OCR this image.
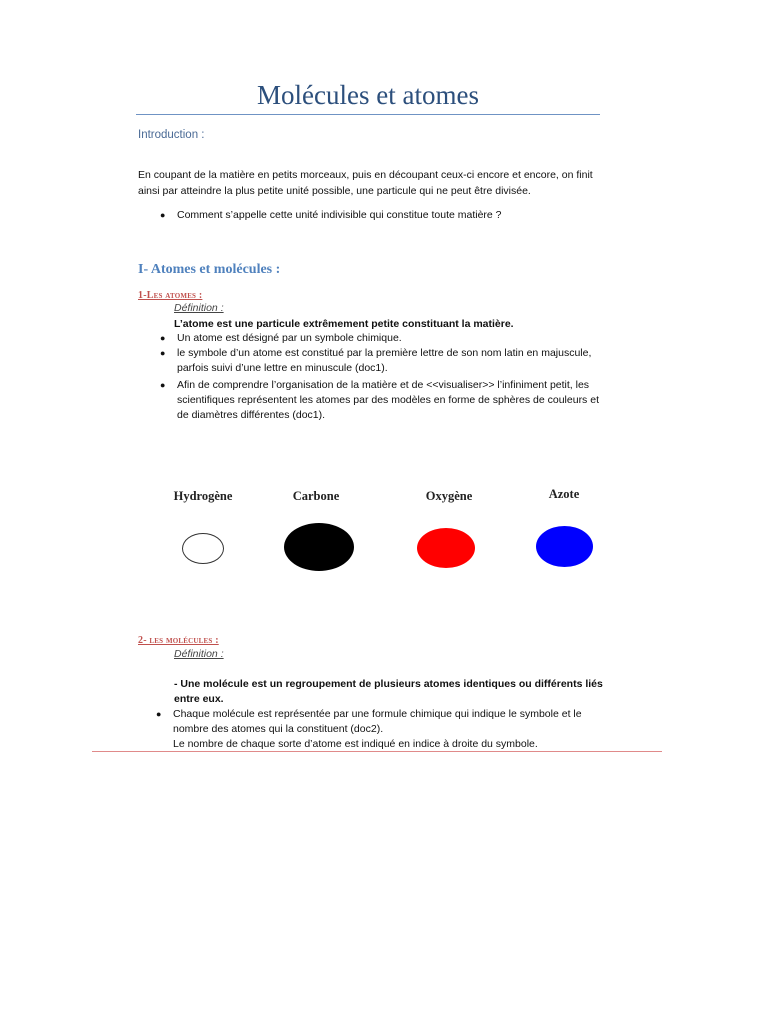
Molécules et atomes
Introduction :
En coupant de la matière en petits morceaux, puis en découpant ceux-ci encore et encore, on finit
ainsi par atteindre la plus petite unité possible, une particule qui ne peut être divisée.
● Comment s’appelle cette unité indivisible qui constitue toute matière ?
I- Atomes et molécules :
1-Les atomes :
Définition :
L’atome est une particule extrêmement petite constituant la matière.
● Un atome est désigné par un symbole chimique.
● le symbole d’un atome est constitué par la première lettre de son nom latin en majuscule,
parfois suivi d’une lettre en minuscule (doc1).
● Afin de comprendre l’organisation de la matière et de <<visualiser>> l’infiniment petit, les
scientifiques représentent les atomes par des modèles en forme de sphères de couleurs et
de diamètres différentes (doc1).
Hydrogène	Carbone	Oxygène	Azote
2- les molécules :
Définition :
- Une molécule est un regroupement de plusieurs atomes identiques ou différents liés
entre eux.
● Chaque molécule est représentée par une formule chimique qui indique le symbole et le
nombre des atomes qui la constituent (doc2).
Le nombre de chaque sorte d’atome est indiqué en indice à droite du symbole.
